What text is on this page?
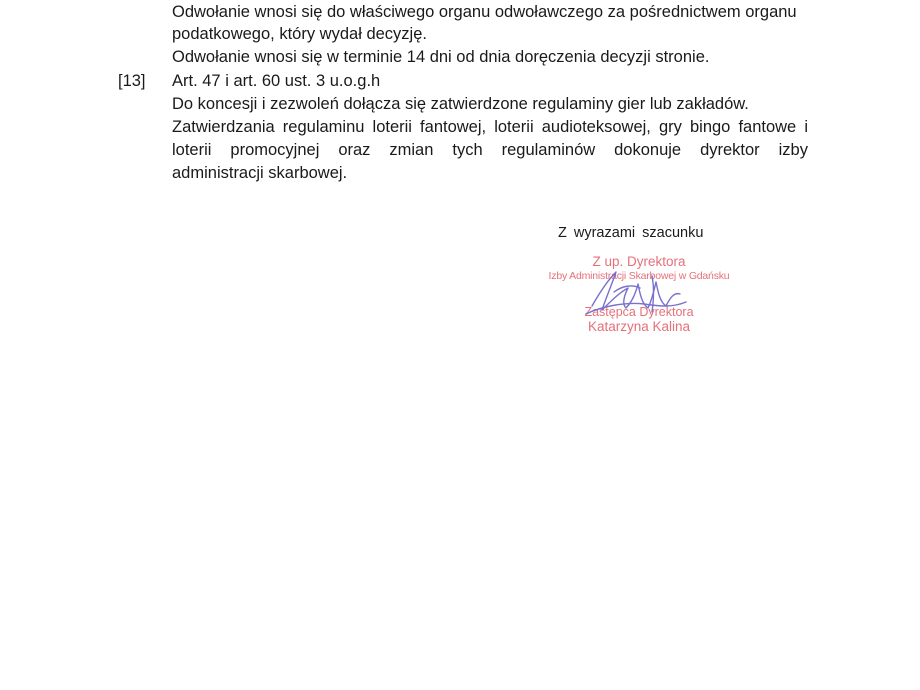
Odwołanie wnosi się do właściwego organu odwoławczego za pośrednictwem organu
podatkowego, który wydał decyzję.
Odwołanie wnosi się w terminie 14 dni od dnia doręczenia decyzji stronie.
[13] Art. 47 i art. 60 ust. 3 u.o.g.h
Do koncesji i zezwoleń dołącza się zatwierdzone regulaminy gier lub zakładów.
Zatwierdzania regulaminu loterii fantowej, loterii audioteksowej, gry bingo fantowe i
loterii promocyjnej oraz zmian tych regulaminów dokonuje dyrektor izby
administracji skarbowej.
Z wyrazami szacunku
Z up. Dyrektora
Izby Administracji Skarbowej w Gdańsku
Zastępca Dyrektora
Katarzyna Kalina
